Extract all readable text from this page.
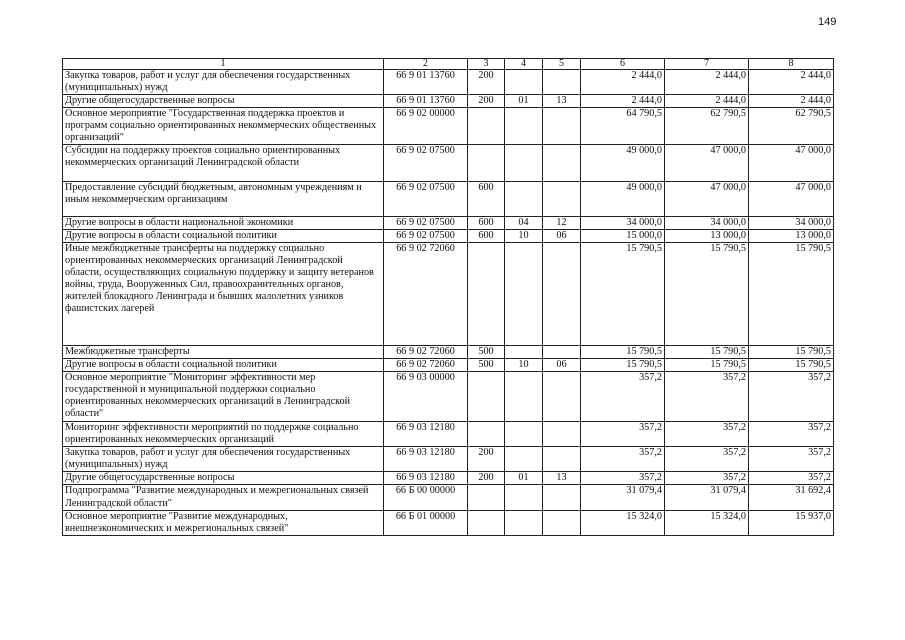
149
1	2	3	4	5	6	7	8
Закупка товаров, работ и услуг для обеспечения государственных (муниципальных) нужд	66 9 01 13760	200			2 444,0	2 444,0	2 444,0
Другие общегосударственные вопросы	66 9 01 13760	200	01	13	2 444,0	2 444,0	2 444,0
Основное мероприятие "Государственная поддержка проектов и программ социально ориентированных некоммерческих общественных организаций"	66 9 02 00000				64 790,5	62 790,5	62 790,5
Субсидии на поддержку проектов социально ориентированных некоммерческих организаций Ленинградской области	66 9 02 07500				49 000,0	47 000,0	47 000,0
Предоставление субсидий бюджетным, автономным учреждениям и иным некоммерческим организациям	66 9 02 07500	600			49 000,0	47 000,0	47 000,0
Другие вопросы в области национальной экономики	66 9 02 07500	600	04	12	34 000,0	34 000,0	34 000,0
Другие вопросы в области социальной политики	66 9 02 07500	600	10	06	15 000,0	13 000,0	13 000,0
Иные межбюджетные трансферты на поддержку социально ориентированных некоммерческих организаций Ленинградской области, осуществляющих социальную поддержку и защиту ветеранов войны, труда, Вооруженных Сил, правоохранительных органов, жителей блокадного Ленинграда и бывших малолетних узников фашистских лагерей	66 9 02 72060				15 790,5	15 790,5	15 790,5
Межбюджетные трансферты	66 9 02 72060	500			15 790,5	15 790,5	15 790,5
Другие вопросы в области социальной политики	66 9 02 72060	500	10	06	15 790,5	15 790,5	15 790,5
Основное мероприятие "Мониторинг эффективности мер государственной и муниципальной поддержки социально ориентированных некоммерческих организаций в Ленинградской области"	66 9 03 00000				357,2	357,2	357,2
Мониторинг эффективности мероприятий по поддержке социально ориентированных некоммерческих организаций	66 9 03 12180				357,2	357,2	357,2
Закупка товаров, работ и услуг для обеспечения государственных (муниципальных) нужд	66 9 03 12180	200			357,2	357,2	357,2
Другие общегосударственные вопросы	66 9 03 12180	200	01	13	357,2	357,2	357,2
Подпрограмма "Развитие международных и межрегиональных связей Ленинградской области"	66 Б 00 00000				31 079,4	31 079,4	31 692,4
Основное мероприятие "Развитие международных, внешнеэкономических и межрегиональных связей"	66 Б 01 00000				15 324,0	15 324,0	15 937,0
